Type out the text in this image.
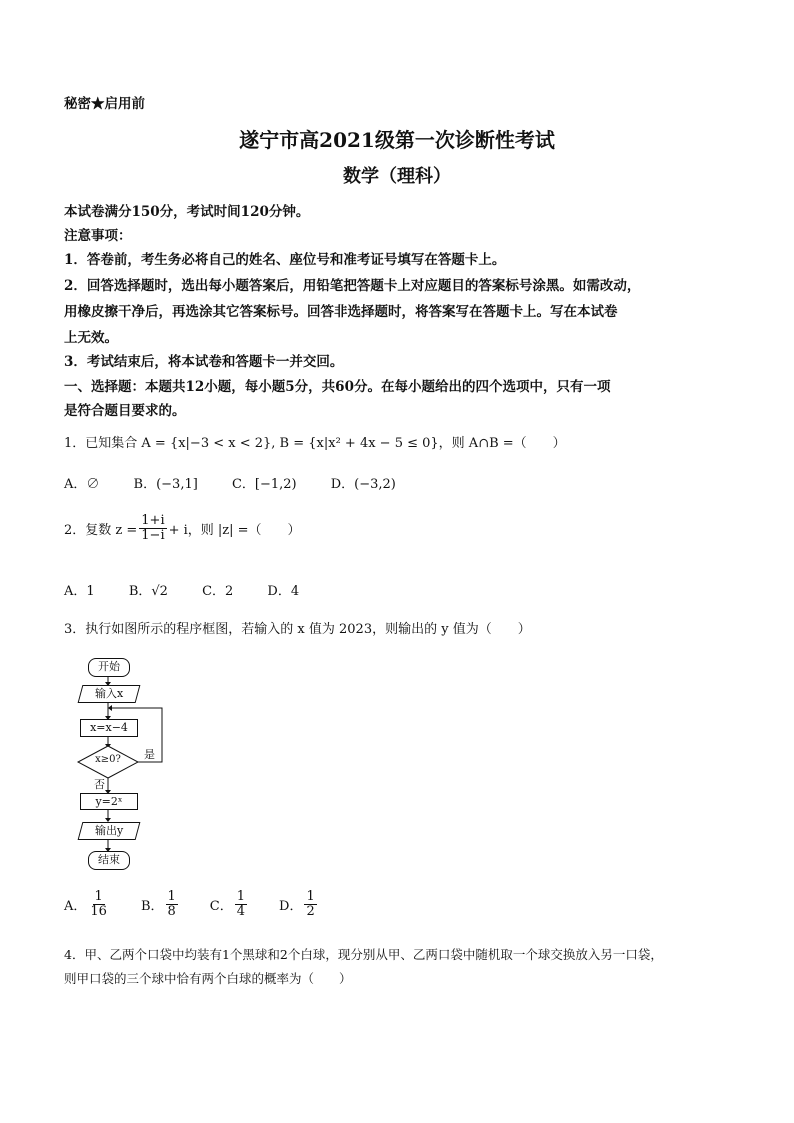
秘密★启用前
遂宁市高2021级第一次诊断性考试
数学（理科）
本试卷满分150分，考试时间120分钟。
注意事项：
1．答卷前，考生务必将自己的姓名、座位号和准考证号填写在答题卡上。
2．回答选择题时，选出每小题答案后，用铅笔把答题卡上对应题目的答案标号涂黑。如需改动，
用橡皮擦干净后，再选涂其它答案标号。回答非选择题时，将答案写在答题卡上。写在本试卷
上无效。
3．考试结束后，将本试卷和答题卡一并交回。
一、选择题：本题共12小题，每小题5分，共60分。在每小题给出的四个选项中，只有一项
是符合题目要求的。
1．已知集合 A = {x|−3 < x < 2}, B = {x|x² + 4x − 5 ≤ 0}，则 A∩B =（　　）
A．∅	B．(−3,1]	C．[−1,2)	D．(−3,2)
2．复数 $z = \frac{1+i}{1-i} + i$，则 |z| =（　　）
A．1	B．√2	C．2	D．4
3．执行如图所示的程序框图，若输入的 x 值为 2023，则输出的 y 值为（　　）
开始
输入x
x=x−4
x≥0?	是
否
y=2ˣ
输出y
结束
A． $\frac{1}{16}$ B． $\frac{1}{8}$ C． $\frac{1}{4}$ D． $\frac{1}{2}$
4．甲、乙两个口袋中均装有1个黑球和2个白球，现分别从甲、乙两口袋中随机取一个球交换放入另一口袋，
则甲口袋的三个球中恰有两个白球的概率为（　　）
